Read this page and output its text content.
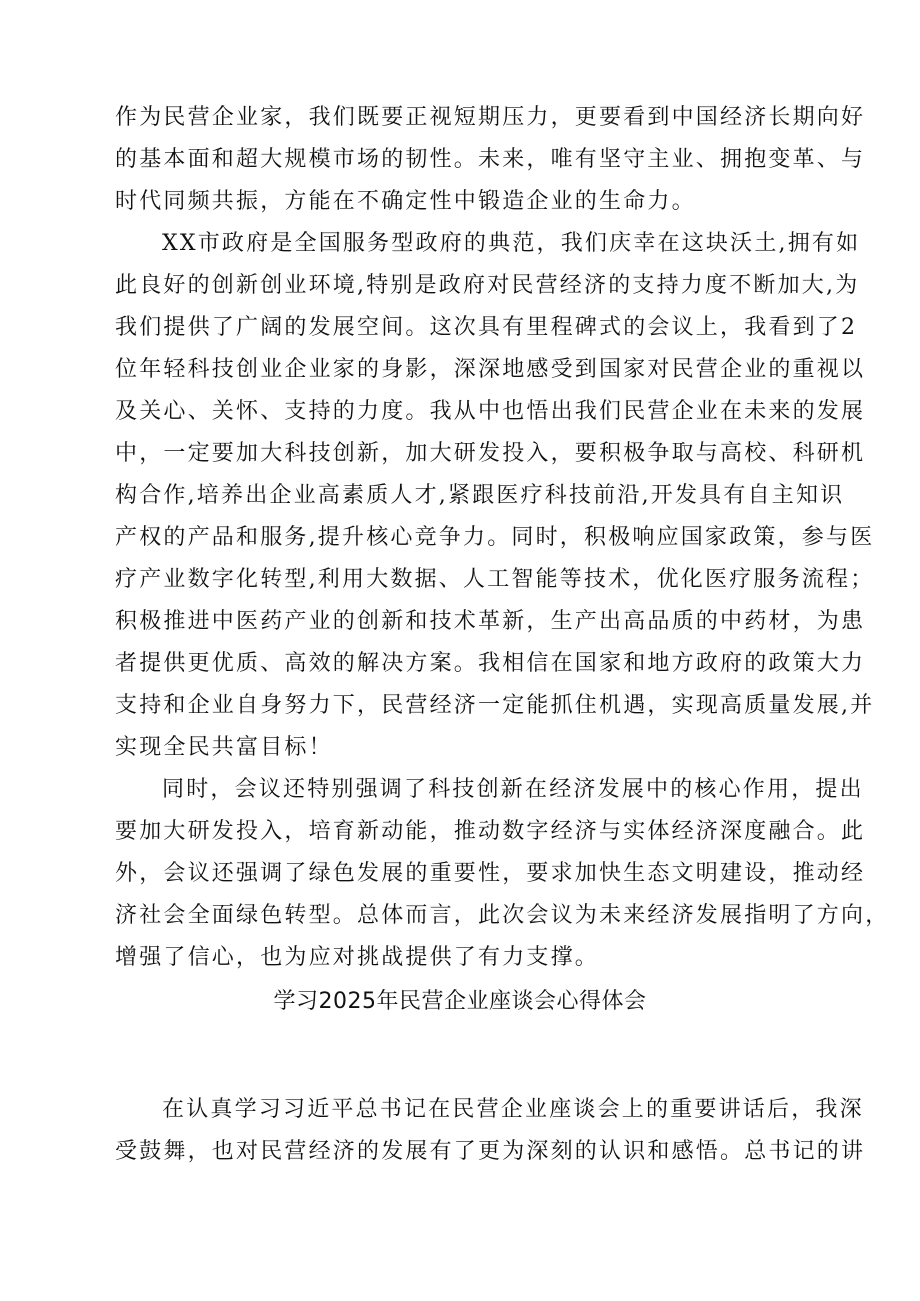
作为民营企业家，我们既要正视短期压力，更要看到中国经济长期向好
的基本面和超大规模市场的韧性。未来，唯有坚守主业、拥抱变革、与
时代同频共振，方能在不确定性中锻造企业的生命力。
XX市政府是全国服务型政府的典范，我们庆幸在这块沃土,拥有如
此良好的创新创业环境,特别是政府对民营经济的支持力度不断加大,为
我们提供了广阔的发展空间。这次具有里程碑式的会议上，我看到了2
位年轻科技创业企业家的身影，深深地感受到国家对民营企业的重视以
及关心、关怀、支持的力度。我从中也悟出我们民营企业在未来的发展
中，一定要加大科技创新，加大研发投入，要积极争取与高校、科研机
构合作,培养出企业高素质人才,紧跟医疗科技前沿,开发具有自主知识
产权的产品和服务,提升核心竞争力。同时，积极响应国家政策，参与医
疗产业数字化转型,利用大数据、人工智能等技术，优化医疗服务流程；
积极推进中医药产业的创新和技术革新，生产出高品质的中药材，为患
者提供更优质、高效的解决方案。我相信在国家和地方政府的政策大力
支持和企业自身努力下，民营经济一定能抓住机遇，实现高质量发展,并
实现全民共富目标！
同时，会议还特别强调了科技创新在经济发展中的核心作用，提出
要加大研发投入，培育新动能，推动数字经济与实体经济深度融合。此
外，会议还强调了绿色发展的重要性，要求加快生态文明建设，推动经
济社会全面绿色转型。总体而言，此次会议为未来经济发展指明了方向，
增强了信心，也为应对挑战提供了有力支撑。
学习2025年民营企业座谈会心得体会
在认真学习习近平总书记在民营企业座谈会上的重要讲话后，我深
受鼓舞，也对民营经济的发展有了更为深刻的认识和感悟。总书记的讲
